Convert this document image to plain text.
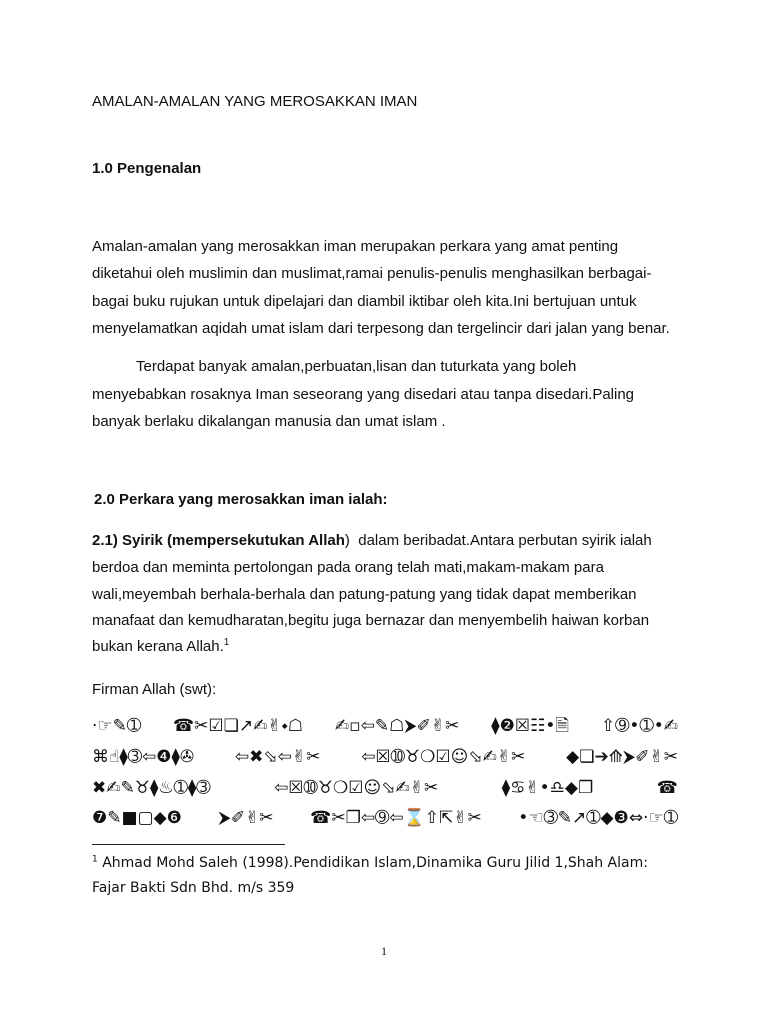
AMALAN-AMALAN YANG MEROSAKKAN IMAN
1.0 Pengenalan
Amalan-amalan yang merosakkan iman merupakan perkara yang amat penting
diketahui oleh muslimin dan muslimat,ramai penulis-penulis menghasilkan berbagai-
bagai buku rujukan untuk dipelajari dan diambil iktibar oleh kita.Ini bertujuan untuk
menyelamatkan aqidah umat islam dari terpesong dan tergelincir dari jalan yang benar.
Terdapat banyak amalan,perbuatan,lisan dan tuturkata yang boleh
menyebabkan rosaknya Iman seseorang yang disedari atau tanpa disedari.Paling
banyak berlaku dikalangan manusia dan umat islam .
2.0 Perkara yang merosakkan iman ialah:
2.1) Syirik (mempersekutukan Allah)  dalam beribadat.Antara perbutan syirik ialah
berdoa dan meminta pertolongan pada orang telah mati,makam-makam para
wali,meyembah berhala-berhala dan patung-patung yang tidak dapat memberikan
manafaat dan kemudharatan,begitu juga bernazar dan menyembelih haiwan korban
bukan kerana Allah.$^1$
Firman Allah (swt):
·☞✎➀ ☎✂☑❏↗✍✌⬩☖ ✍▫⇦✎☖⮞✐✌✂ ⧫❷☒☷•🗎 ⇧➈•➀•✍
⌘☝⧫➂⇦❹⧫✇ ⇦✖⬂⇦✌✂ ⇦☒➉♉❍☑☺⬂✍✌✂ ◆❏➔⟰⮞✐✌✂
✖✍✎♉⧫♨➀⧫➂	⇦☒➉♉❍☑☺⬂✍✌✂	⧫♋✌•♎◆❐	☎
❼✎■▢◆❻ ⮞✐✌✂ ☎✂❐⇦➈⇦⌛⇧⇱✌✂ •☜➂✎↗➀◆❸⇔·☞➀
$^1$ Ahmad Mohd Saleh (1998).Pendidikan Islam,Dinamika Guru Jilid 1,Shah Alam:
Fajar Bakti Sdn Bhd. m/s 359
1
